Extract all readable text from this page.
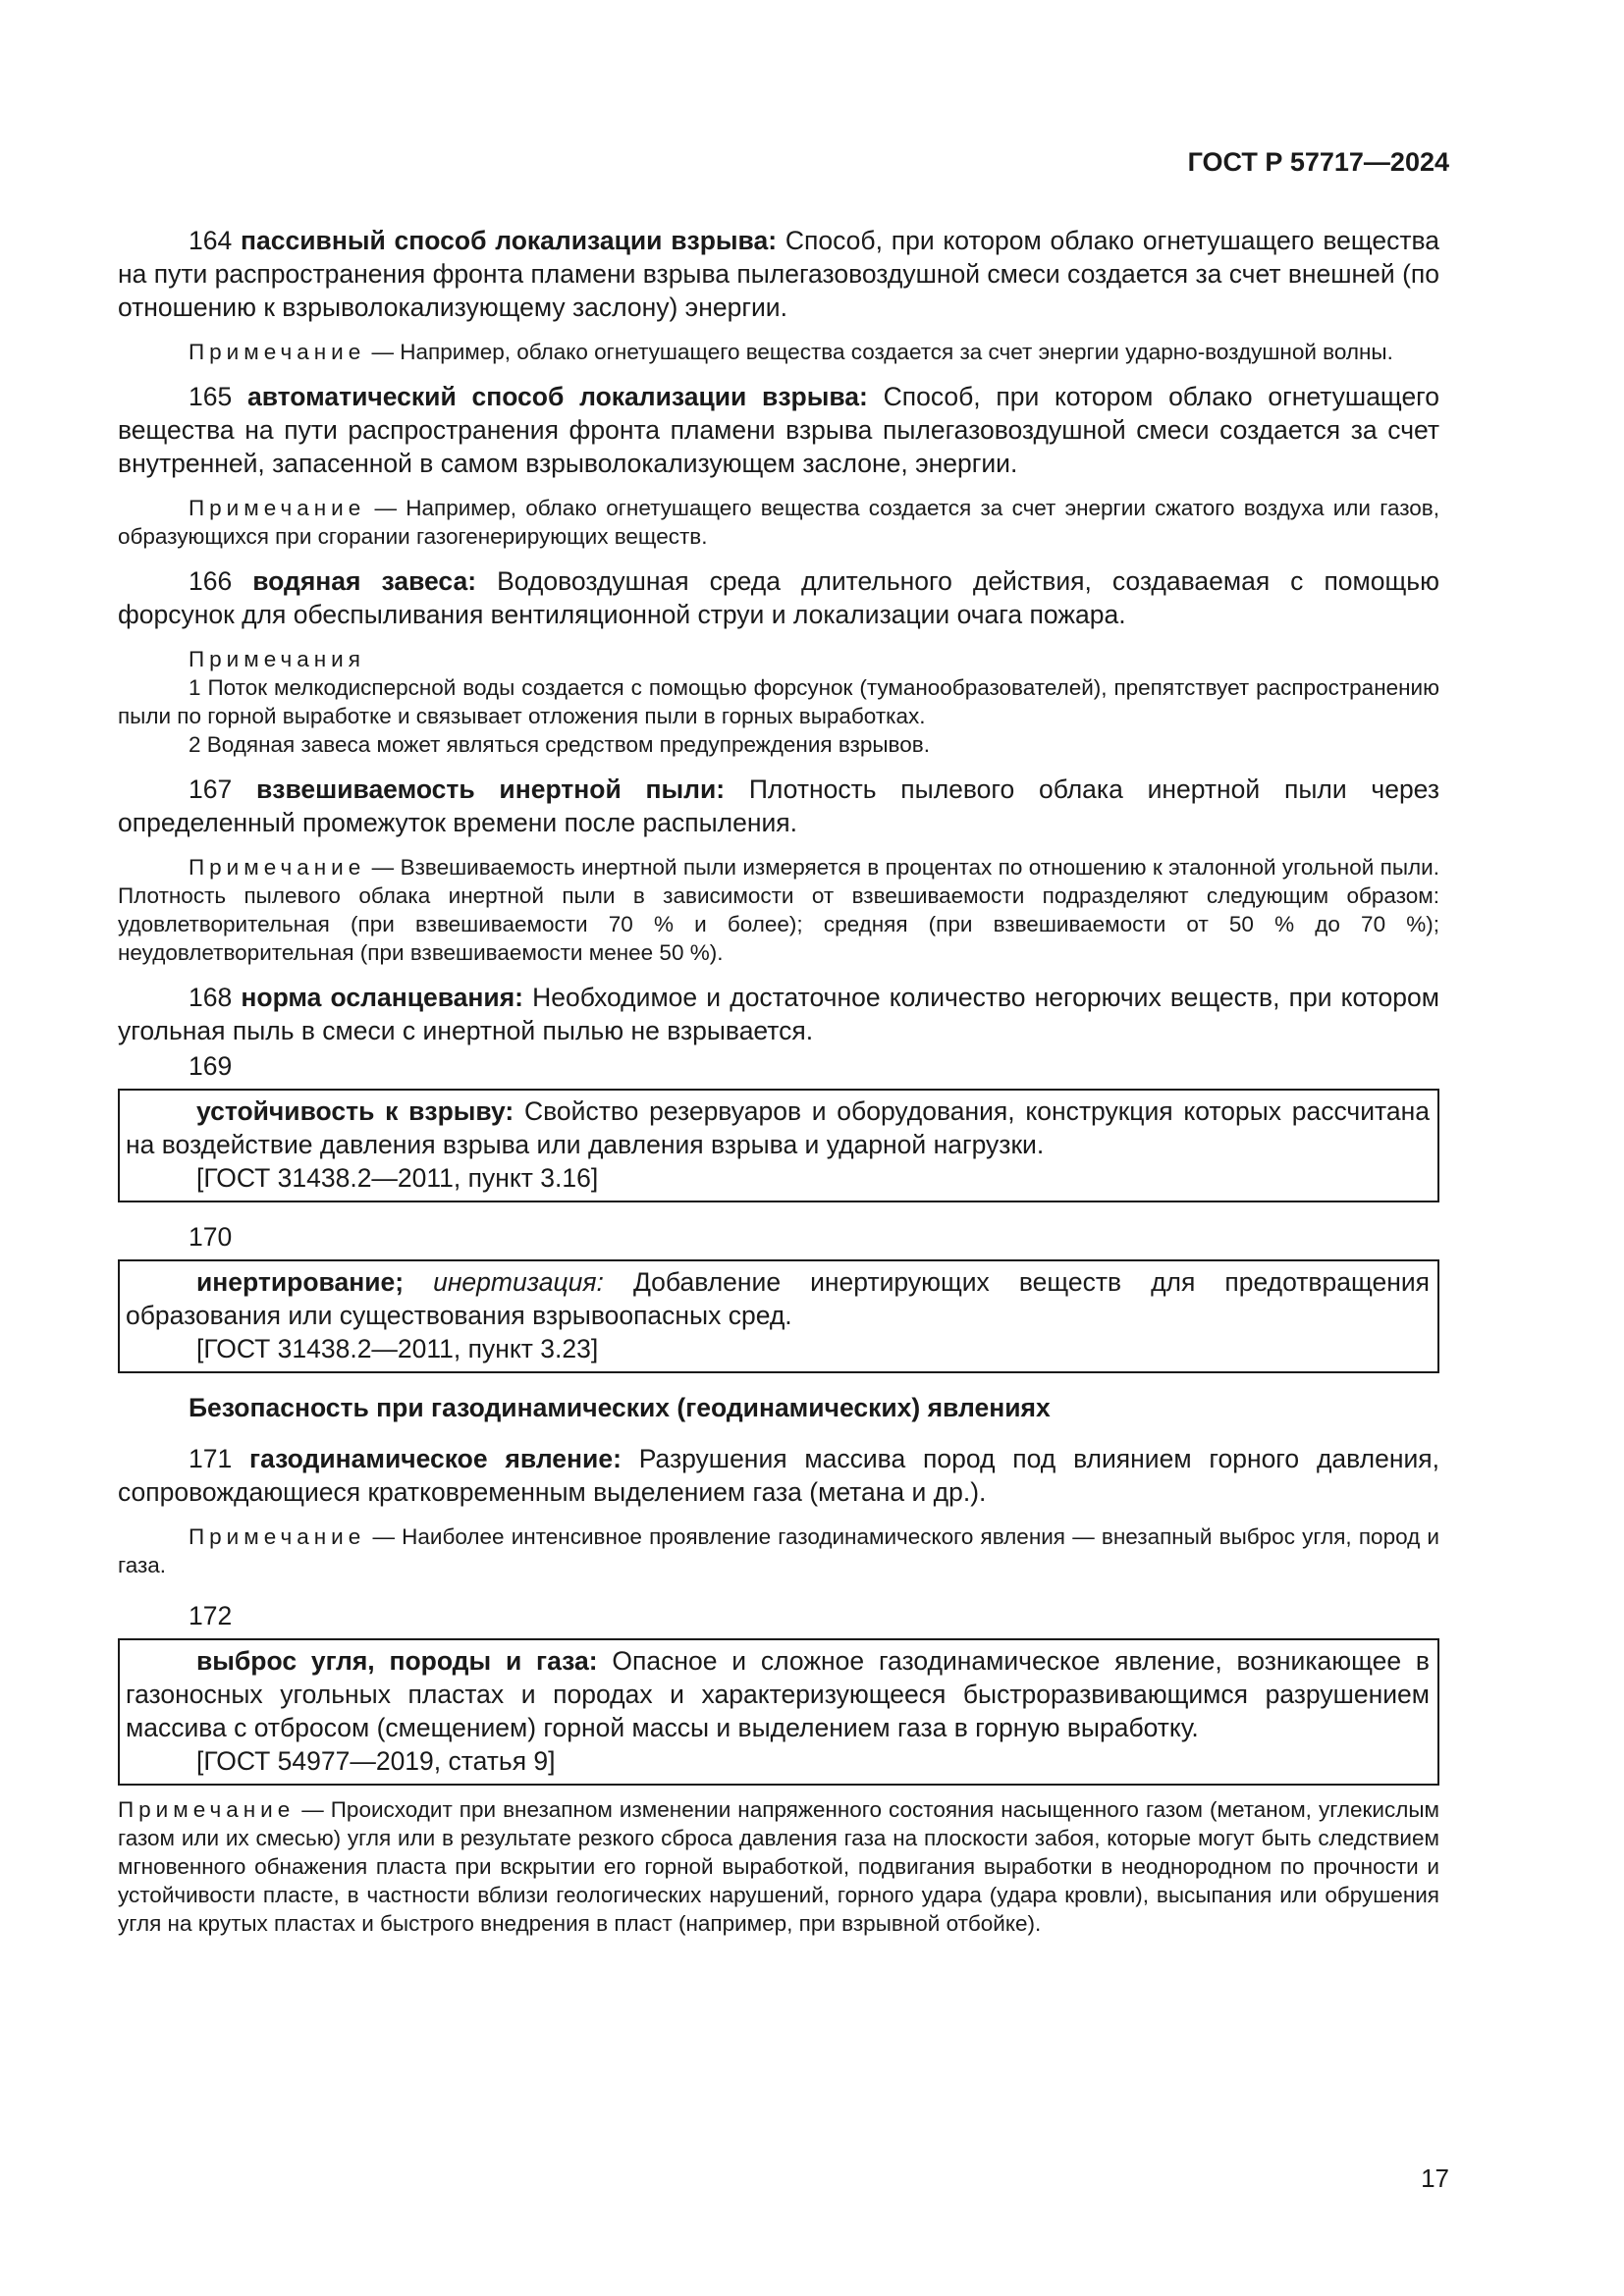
ГОСТ Р 57717—2024

164 пассивный способ локализации взрыва: Способ, при котором облако огнетушащего вещества на пути распространения фронта пламени взрыва пылегазовоздушной смеси создается за счет внешней (по отношению к взрыволокализующему заслону) энергии.

Примечание — Например, облако огнетушащего вещества создается за счет энергии ударно-воздушной волны.

165 автоматический способ локализации взрыва: Способ, при котором облако огнетушащего вещества на пути распространения фронта пламени взрыва пылегазовоздушной смеси создается за счет внутренней, запасенной в самом взрыволокализующем заслоне, энергии.

Примечание — Например, облако огнетушащего вещества создается за счет энергии сжатого воздуха или газов, образующихся при сгорании газогенерирующих веществ.

166 водяная завеса: Водовоздушная среда длительного действия, создаваемая с помощью форсунок для обеспыливания вентиляционной струи и локализации очага пожара.

Примечания

1 Поток мелкодисперсной воды создается с помощью форсунок (туманообразователей), препятствует распространению пыли по горной выработке и связывает отложения пыли в горных выработках.

2 Водяная завеса может являться средством предупреждения взрывов.

167 взвешиваемость инертной пыли: Плотность пылевого облака инертной пыли через определенный промежуток времени после распыления.

Примечание — Взвешиваемость инертной пыли измеряется в процентах по отношению к эталонной угольной пыли. Плотность пылевого облака инертной пыли в зависимости от взвешиваемости подразделяют следующим образом: удовлетворительная (при взвешиваемости 70 % и более); средняя (при взвешиваемости от 50 % до 70 %); неудовлетворительная (при взвешиваемости менее 50 %).

168 норма осланцевания: Необходимое и достаточное количество негорючих веществ, при котором угольная пыль в смеси с инертной пылью не взрывается.

169

устойчивость к взрыву: Свойство резервуаров и оборудования, конструкция которых рассчитана на воздействие давления взрыва или давления взрыва и ударной нагрузки.

[ГОСТ 31438.2—2011, пункт 3.16]
170

инертирование; инертизация: Добавление инертирующих веществ для предотвращения образования или существования взрывоопасных сред.

[ГОСТ 31438.2—2011, пункт 3.23]
Безопасность при газодинамических (геодинамических) явлениях

171 газодинамическое явление: Разрушения массива пород под влиянием горного давления, сопровождающиеся кратковременным выделением газа (метана и др.).

Примечание — Наиболее интенсивное проявление газодинамического явления — внезапный выброс угля, пород и газа.

172

выброс угля, породы и газа: Опасное и сложное газодинамическое явление, возникающее в газоносных угольных пластах и породах и характеризующееся быстроразвивающимся разрушением массива с отбросом (смещением) горной массы и выделением газа в горную выработку.

[ГОСТ 54977—2019, статья 9]

Примечание — Происходит при внезапном изменении напряженного состояния насыщенного газом (метаном, углекислым газом или их смесью) угля или в результате резкого сброса давления газа на плоскости забоя, которые могут быть следствием мгновенного обнажения пласта при вскрытии его горной выработкой, подвигания выработки в неоднородном по прочности и устойчивости пласте, в частности вблизи геологических нарушений, горного удара (удара кровли), высыпания или обрушения угля на крутых пластах и быстрого внедрения в пласт (например, при взрывной отбойке).

17
